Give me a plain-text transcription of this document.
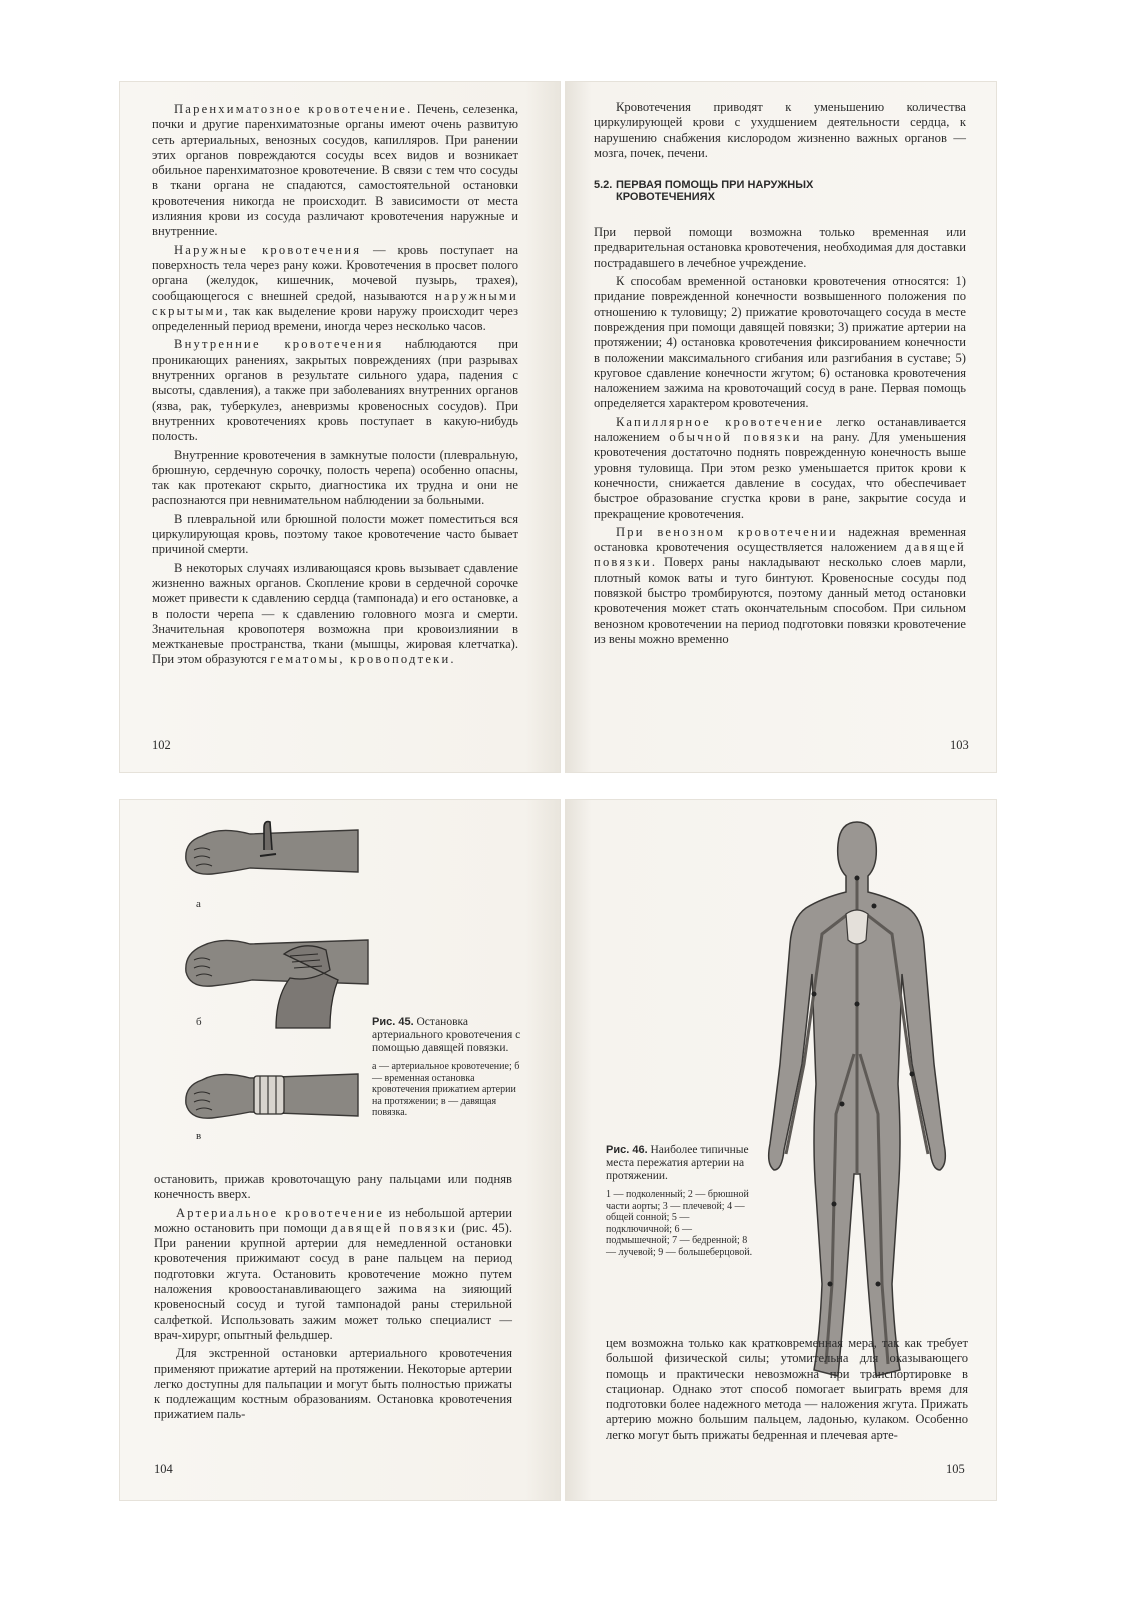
Паренхиматозное кровотечение. Печень, селезенка, почки и другие паренхиматозные органы имеют очень развитую сеть артериальных, венозных сосудов, капилляров. При ранении этих органов повреждаются сосуды всех видов и возникает обильное паренхиматозное кровотечение. В связи с тем что сосуды в ткани органа не спадаются, самостоятельной остановки кровотечения никогда не происходит. В зависимости от места излияния крови из сосуда различают кровотечения наружные и внутренние.

Наружные кровотечения — кровь поступает на поверхность тела через рану кожи. Кровотечения в просвет полого органа (желудок, кишечник, мочевой пузырь, трахея), сообщающегося с внешней средой, называются наружными скрытыми, так как выделение крови наружу происходит через определенный период времени, иногда через несколько часов.

Внутренние кровотечения наблюдаются при проникающих ранениях, закрытых повреждениях (при разрывах внутренних органов в результате сильного удара, падения с высоты, сдавления), а также при заболеваниях внутренних органов (язва, рак, туберкулез, аневризмы кровеносных сосудов). При внутренних кровотечениях кровь поступает в какую-нибудь полость.

Внутренние кровотечения в замкнутые полости (плевральную, брюшную, сердечную сорочку, полость черепа) особенно опасны, так как протекают скрыто, диагностика их трудна и они не распознаются при невнимательном наблюдении за больными.

В плевральной или брюшной полости может поместиться вся циркулирующая кровь, поэтому такое кровотечение часто бывает причиной смерти.

В некоторых случаях изливающаяся кровь вызывает сдавление жизненно важных органов. Скопление крови в сердечной сорочке может привести к сдавлению сердца (тампонада) и его остановке, а в полости черепа — к сдавлению головного мозга и смерти. Значительная кровопотеря возможна при кровоизлиянии в межтканевые пространства, ткани (мышцы, жировая клетчатка). При этом образуются гематомы, кровоподтеки.

102

Кровотечения приводят к уменьшению количества циркулирующей крови с ухудшением деятельности сердца, к нарушению снабжения кислородом жизненно важных органов — мозга, почек, печени.

5.2. ПЕРВАЯ ПОМОЩЬ ПРИ НАРУЖНЫХ
КРОВОТЕЧЕНИЯХ

При первой помощи возможна только временная или предварительная остановка кровотечения, необходимая для доставки пострадавшего в лечебное учреждение.

К способам временной остановки кровотечения относятся: 1) придание поврежденной конечности возвышенного положения по отношению к туловищу; 2) прижатие кровоточащего сосуда в месте повреждения при помощи давящей повязки; 3) прижатие артерии на протяжении; 4) остановка кровотечения фиксированием конечности в положении максимального сгибания или разгибания в суставе; 5) круговое сдавление конечности жгутом; 6) остановка кровотечения наложением зажима на кровоточащий сосуд в ране. Первая помощь определяется характером кровотечения.

Капиллярное кровотечение легко останавливается наложением обычной повязки на рану. Для уменьшения кровотечения достаточно поднять поврежденную конечность выше уровня туловища. При этом резко уменьшается приток крови к конечности, снижается давление в сосудах, что обеспечивает быстрое образование сгустка крови в ране, закрытие сосуда и прекращение кровотечения.

При венозном кровотечении надежная временная остановка кровотечения осуществляется наложением давящей повязки. Поверх раны накладывают несколько слоев марли, плотный комок ваты и туго бинтуют. Кровеносные сосуды под повязкой быстро тромбируются, поэтому данный метод остановки кровотечения может стать окончательным способом. При сильном венозном кровотечении на период подготовки повязки кровотечение из вены можно временно

103
а
б
в
Рис. 45. Остановка артериального кровотечения с помощью давящей повязки.
а — артериальное кровотечение; б — временная остановка кровотечения прижатием артерии на протяжении; в — давящая повязка.

остановить, прижав кровоточащую рану пальцами или подняв конечность вверх.

Артериальное кровотечение из небольшой артерии можно остановить при помощи давящей повязки (рис. 45). При ранении крупной артерии для немедленной остановки кровотечения прижимают сосуд в ране пальцем на период подготовки жгута. Остановить кровотечение можно путем наложения кровоостанавливающего зажима на зияющий кровеносный сосуд и тугой тампонадой раны стерильной салфеткой. Использовать зажим может только специалист — врач-хирург, опытный фельдшер.

Для экстренной остановки артериального кровотечения применяют прижатие артерий на протяжении. Некоторые артерии легко доступны для пальпации и могут быть полностью прижаты к подлежащим костным образованиям. Остановка кровотечения прижатием паль-

104
Рис. 46. Наиболее типичные места пережатия артерии на протяжении.
1 — подколенный; 2 — брюшной части аорты; 3 — плечевой; 4 — общей сонной; 5 — подключичной; 6 — подмышечной; 7 — бедренной; 8 — лучевой; 9 — большеберцовой.

цем возможна только как кратковременная мера, так как требует большой физической силы; утомительна для оказывающего помощь и практически невозможна при транспортировке в стационар. Однако этот способ помогает выиграть время для подготовки более надежного метода — наложения жгута. Прижать артерию можно большим пальцем, ладонью, кулаком. Особенно легко могут быть прижаты бедренная и плечевая арте-

105
